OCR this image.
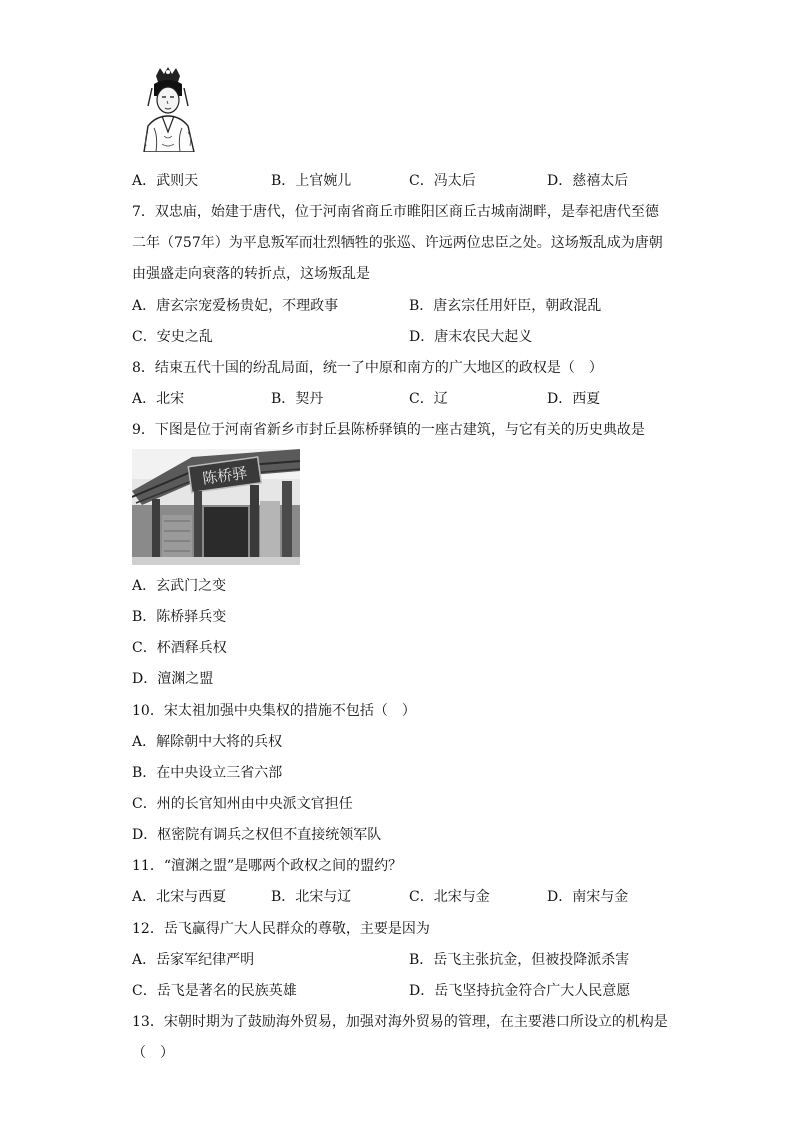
A．武则天	B．上官婉儿	C．冯太后	D．慈禧太后
7．双忠庙，始建于唐代，位于河南省商丘市睢阳区商丘古城南湖畔，是奉祀唐代至德
二年（757年）为平息叛军而壮烈牺牲的张巡、许远两位忠臣之处。这场叛乱成为唐朝
由强盛走向衰落的转折点，这场叛乱是
A．唐玄宗宠爱杨贵妃，不理政事	B．唐玄宗任用奸臣，朝政混乱
C．安史之乱	D．唐末农民大起义
8．结束五代十国的纷乱局面，统一了中原和南方的广大地区的政权是（　）
A．北宋	B．契丹	C．辽	D．西夏
9．下图是位于河南省新乡市封丘县陈桥驿镇的一座古建筑，与它有关的历史典故是
陈桥驿
A．玄武门之变
B．陈桥驿兵变
C．杯酒释兵权
D．澶渊之盟
10．宋太祖加强中央集权的措施不包括（　）
A．解除朝中大将的兵权
B．在中央设立三省六部
C．州的长官知州由中央派文官担任
D．枢密院有调兵之权但不直接统领军队
11．“澶渊之盟”是哪两个政权之间的盟约？
A．北宋与西夏	B．北宋与辽	C．北宋与金	D．南宋与金
12．岳飞赢得广大人民群众的尊敬，主要是因为
A．岳家军纪律严明	B．岳飞主张抗金，但被投降派杀害
C．岳飞是著名的民族英雄	D．岳飞坚持抗金符合广大人民意愿
13．宋朝时期为了鼓励海外贸易，加强对海外贸易的管理，在主要港口所设立的机构是
（　）
